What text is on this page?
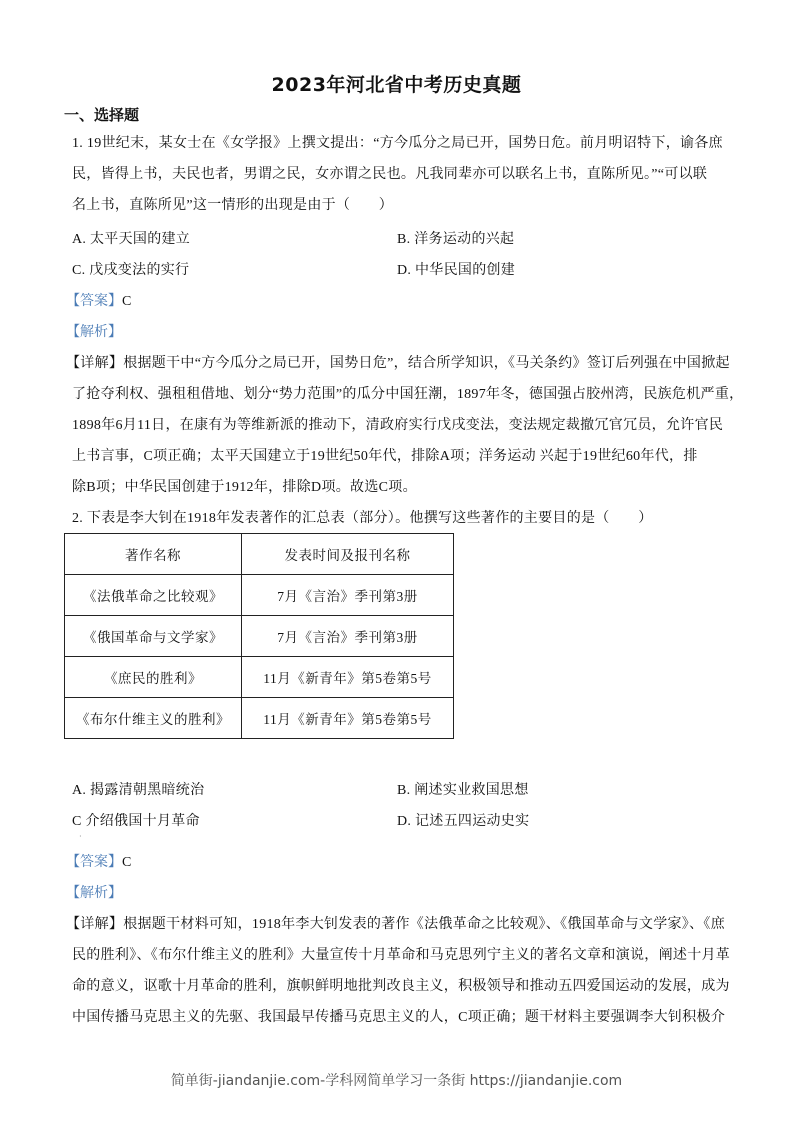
2023年河北省中考历史真题
一、选择题
1. 19世纪末，某女士在《女学报》上撰文提出：“方今瓜分之局已开，国势日危。前月明诏特下，谕各庶
民，皆得上书，夫民也者，男谓之民，女亦谓之民也。凡我同辈亦可以联名上书，直陈所见。”“可以联
名上书，直陈所见”这一情形的出现是由于（　　）
A. 太平天国的建立	B. 洋务运动的兴起
C. 戊戌变法的实行	D. 中华民国的创建
【答案】C
【解析】
【详解】根据题干中“方今瓜分之局已开，国势日危”，结合所学知识，《马关条约》签订后列强在中国掀起
了抢夺利权、强租租借地、划分“势力范围”的瓜分中国狂潮，1897年冬，德国强占胶州湾，民族危机严重，
1898年6月11日，在康有为等维新派的推动下，清政府实行戊戌变法，变法规定裁撤冗官冗员，允许官民
上书言事，C项正确；太平天国建立于19世纪50年代，排除A项；洋务运动 兴起于19世纪60年代，排
除B项；中华民国创建于1912年，排除D项。故选C项。
2. 下表是李大钊在1918年发表著作的汇总表（部分）。他撰写这些著作的主要目的是（　　）
著作名称	发表时间及报刊名称
《法俄革命之比较观》	7月《言治》季刊第3册
《俄国革命与文学家》	7月《言治》季刊第3册
《庶民的胜利》	11月《新青年》第5卷第5号
《布尔什维主义的胜利》	11月《新青年》第5卷第5号
A. 揭露清朝黑暗统治	B. 阐述实业救国思想
C 介绍俄国十月革命	D. 记述五四运动史实
·
【答案】C
【解析】
【详解】根据题干材料可知，1918年李大钊发表的著作《法俄革命之比较观》、《俄国革命与文学家》、《庶
民的胜利》、《布尔什维主义的胜利》大量宣传十月革命和马克思列宁主义的著名文章和演说，阐述十月革
命的意义，讴歌十月革命的胜利，旗帜鲜明地批判改良主义，积极领导和推动五四爱国运动的发展，成为
中国传播马克思主义的先驱、我国最早传播马克思主义的人，C项正确；题干材料主要强调李大钊积极介
简单街-jiandanjie.com-学科网简单学习一条街 https://jiandanjie.com
